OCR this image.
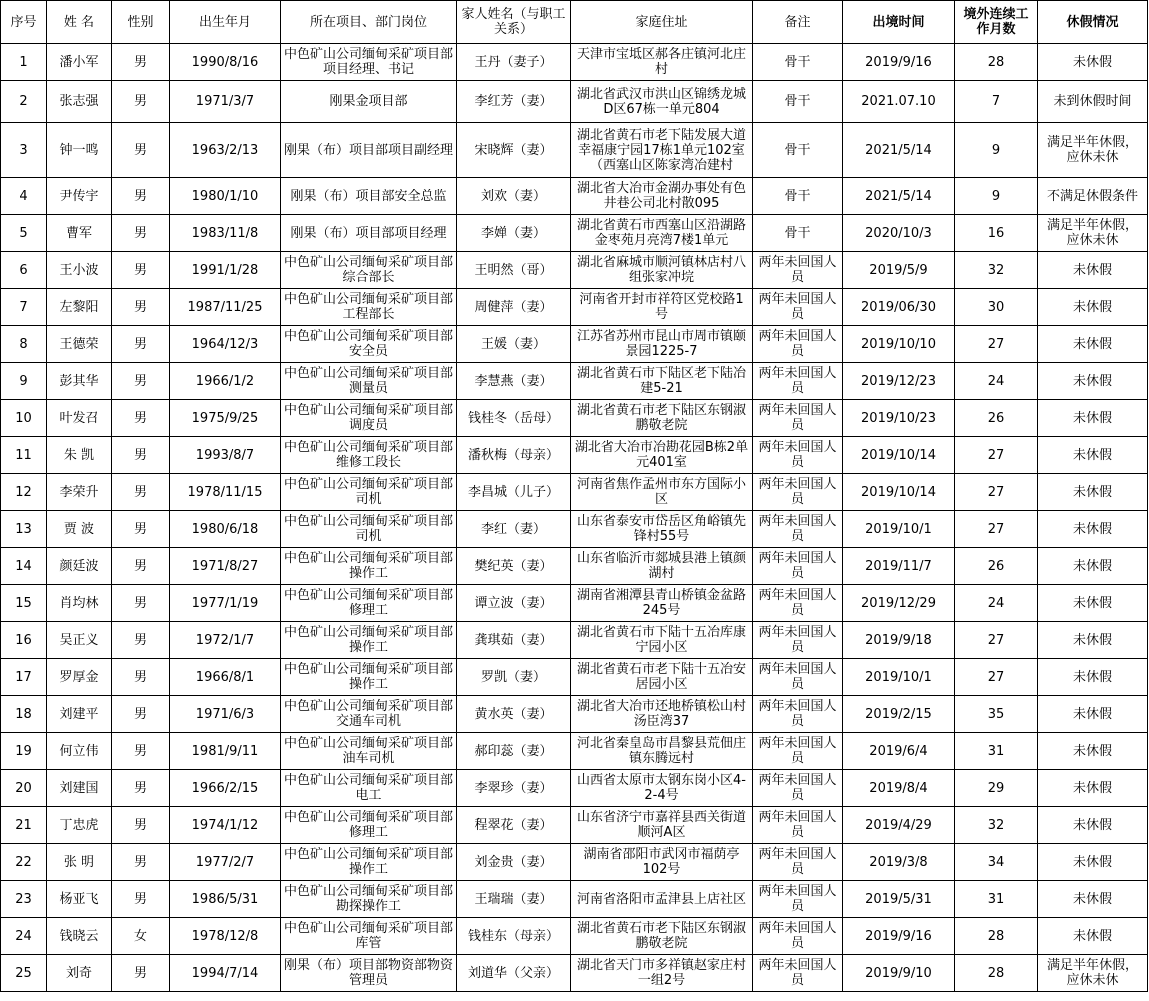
序号	姓 名	性别	出生年月	所在项目、部门岗位	家人姓名（与职工关系）	家庭住址	备注	出境时间	境外连续工作月数	休假情况
1	潘小军	男	1990/8/16	中色矿山公司缅甸采矿项目部项目经理、书记	王丹（妻子）	天津市宝坻区郝各庄镇河北庄村	骨干	2019/9/16	28	未休假
2	张志强	男	1971/3/7	刚果金项目部	李红芳（妻）	湖北省武汉市洪山区锦绣龙城D区67栋一单元804	骨干	2021.07.10	7	未到休假时间
3	钟一鸣	男	1963/2/13	刚果（布）项目部项目副经理	宋晓辉（妻）	湖北省黄石市老下陆发展大道幸福康宁园17栋1单元102室（西塞山区陈家湾冶建村	骨干	2021/5/14	9	满足半年休假，应休未休
4	尹传宇	男	1980/1/10	刚果（布）项目部安全总监	刘欢（妻）	湖北省大冶市金湖办事处有色井巷公司北村散095	骨干	2021/5/14	9	不满足休假条件
5	曹军	男	1983/11/8	刚果（布）项目部项目经理	李婵（妻）	湖北省黄石市西塞山区沿湖路金枣苑月亮湾7楼1单元	骨干	2020/10/3	16	满足半年休假，应休未休
6	王小波	男	1991/1/28	中色矿山公司缅甸采矿项目部综合部长	王明然（哥）	湖北省麻城市顺河镇林店村八组张家冲垸	两年未回国人员	2019/5/9	32	未休假
7	左黎阳	男	1987/11/25	中色矿山公司缅甸采矿项目部工程部长	周健萍（妻）	河南省开封市祥符区党校路1号	两年未回国人员	2019/06/30	30	未休假
8	王德荣	男	1964/12/3	中色矿山公司缅甸采矿项目部安全员	王媛（妻）	江苏省苏州市昆山市周市镇颐景园1225-7	两年未回国人员	2019/10/10	27	未休假
9	彭其华	男	1966/1/2	中色矿山公司缅甸采矿项目部测量员	李慧燕（妻）	湖北省黄石市下陆区老下陆冶建5-21	两年未回国人员	2019/12/23	24	未休假
10	叶发召	男	1975/9/25	中色矿山公司缅甸采矿项目部调度员	钱桂冬（岳母）	湖北省黄石市老下陆区东钢淑鹏敬老院	两年未回国人员	2019/10/23	26	未休假
11	朱 凯	男	1993/8/7	中色矿山公司缅甸采矿项目部维修工段长	潘秋梅（母亲）	湖北省大冶市冶勘花园B栋2单元401室	两年未回国人员	2019/10/14	27	未休假
12	李荣升	男	1978/11/15	中色矿山公司缅甸采矿项目部司机	李昌城（儿子）	河南省焦作孟州市东方国际小区	两年未回国人员	2019/10/14	27	未休假
13	贾 波	男	1980/6/18	中色矿山公司缅甸采矿项目部司机	李红（妻）	山东省泰安市岱岳区角峪镇先锋村55号	两年未回国人员	2019/10/1	27	未休假
14	颜廷波	男	1971/8/27	中色矿山公司缅甸采矿项目部操作工	樊纪英（妻）	山东省临沂市郯城县港上镇颜湖村	两年未回国人员	2019/11/7	26	未休假
15	肖均林	男	1977/1/19	中色矿山公司缅甸采矿项目部修理工	谭立波（妻）	湖南省湘潭县青山桥镇金盆路245号	两年未回国人员	2019/12/29	24	未休假
16	吴正义	男	1972/1/7	中色矿山公司缅甸采矿项目部操作工	龚琪茹（妻）	湖北省黄石市下陆十五冶库康宁园小区	两年未回国人员	2019/9/18	27	未休假
17	罗厚金	男	1966/8/1	中色矿山公司缅甸采矿项目部操作工	罗凯（妻）	湖北省黄石市老下陆十五冶安居园小区	两年未回国人员	2019/10/1	27	未休假
18	刘建平	男	1971/6/3	中色矿山公司缅甸采矿项目部交通车司机	黄水英（妻）	湖北省大冶市还地桥镇松山村汤臣湾37	两年未回国人员	2019/2/15	35	未休假
19	何立伟	男	1981/9/11	中色矿山公司缅甸采矿项目部油车司机	郝印蕊（妻）	河北省秦皇岛市昌黎县荒佃庄镇东腾远村	两年未回国人员	2019/6/4	31	未休假
20	刘建国	男	1966/2/15	中色矿山公司缅甸采矿项目部电工	李翠珍（妻）	山西省太原市太钢东岗小区4-2-4号	两年未回国人员	2019/8/4	29	未休假
21	丁忠虎	男	1974/1/12	中色矿山公司缅甸采矿项目部修理工	程翠花（妻）	山东省济宁市嘉祥县西关街道顺河A区	两年未回国人员	2019/4/29	32	未休假
22	张 明	男	1977/2/7	中色矿山公司缅甸采矿项目部操作工	刘金贵（妻）	湖南省邵阳市武冈市福荫亭102号	两年未回国人员	2019/3/8	34	未休假
23	杨亚飞	男	1986/5/31	中色矿山公司缅甸采矿项目部勘探操作工	王瑞瑞（妻）	河南省洛阳市孟津县上店社区	两年未回国人员	2019/5/31	31	未休假
24	钱晓云	女	1978/12/8	中色矿山公司缅甸采矿项目部库管	钱桂东（母亲）	湖北省黄石市老下陆区东钢淑鹏敬老院	两年未回国人员	2019/9/16	28	未休假
25	刘奇	男	1994/7/14	刚果（布）项目部物资部物资管理员	刘道华（父亲）	湖北省天门市多祥镇赵家庄村一组2号	两年未回国人员	2019/9/10	28	满足半年休假，应休未休
